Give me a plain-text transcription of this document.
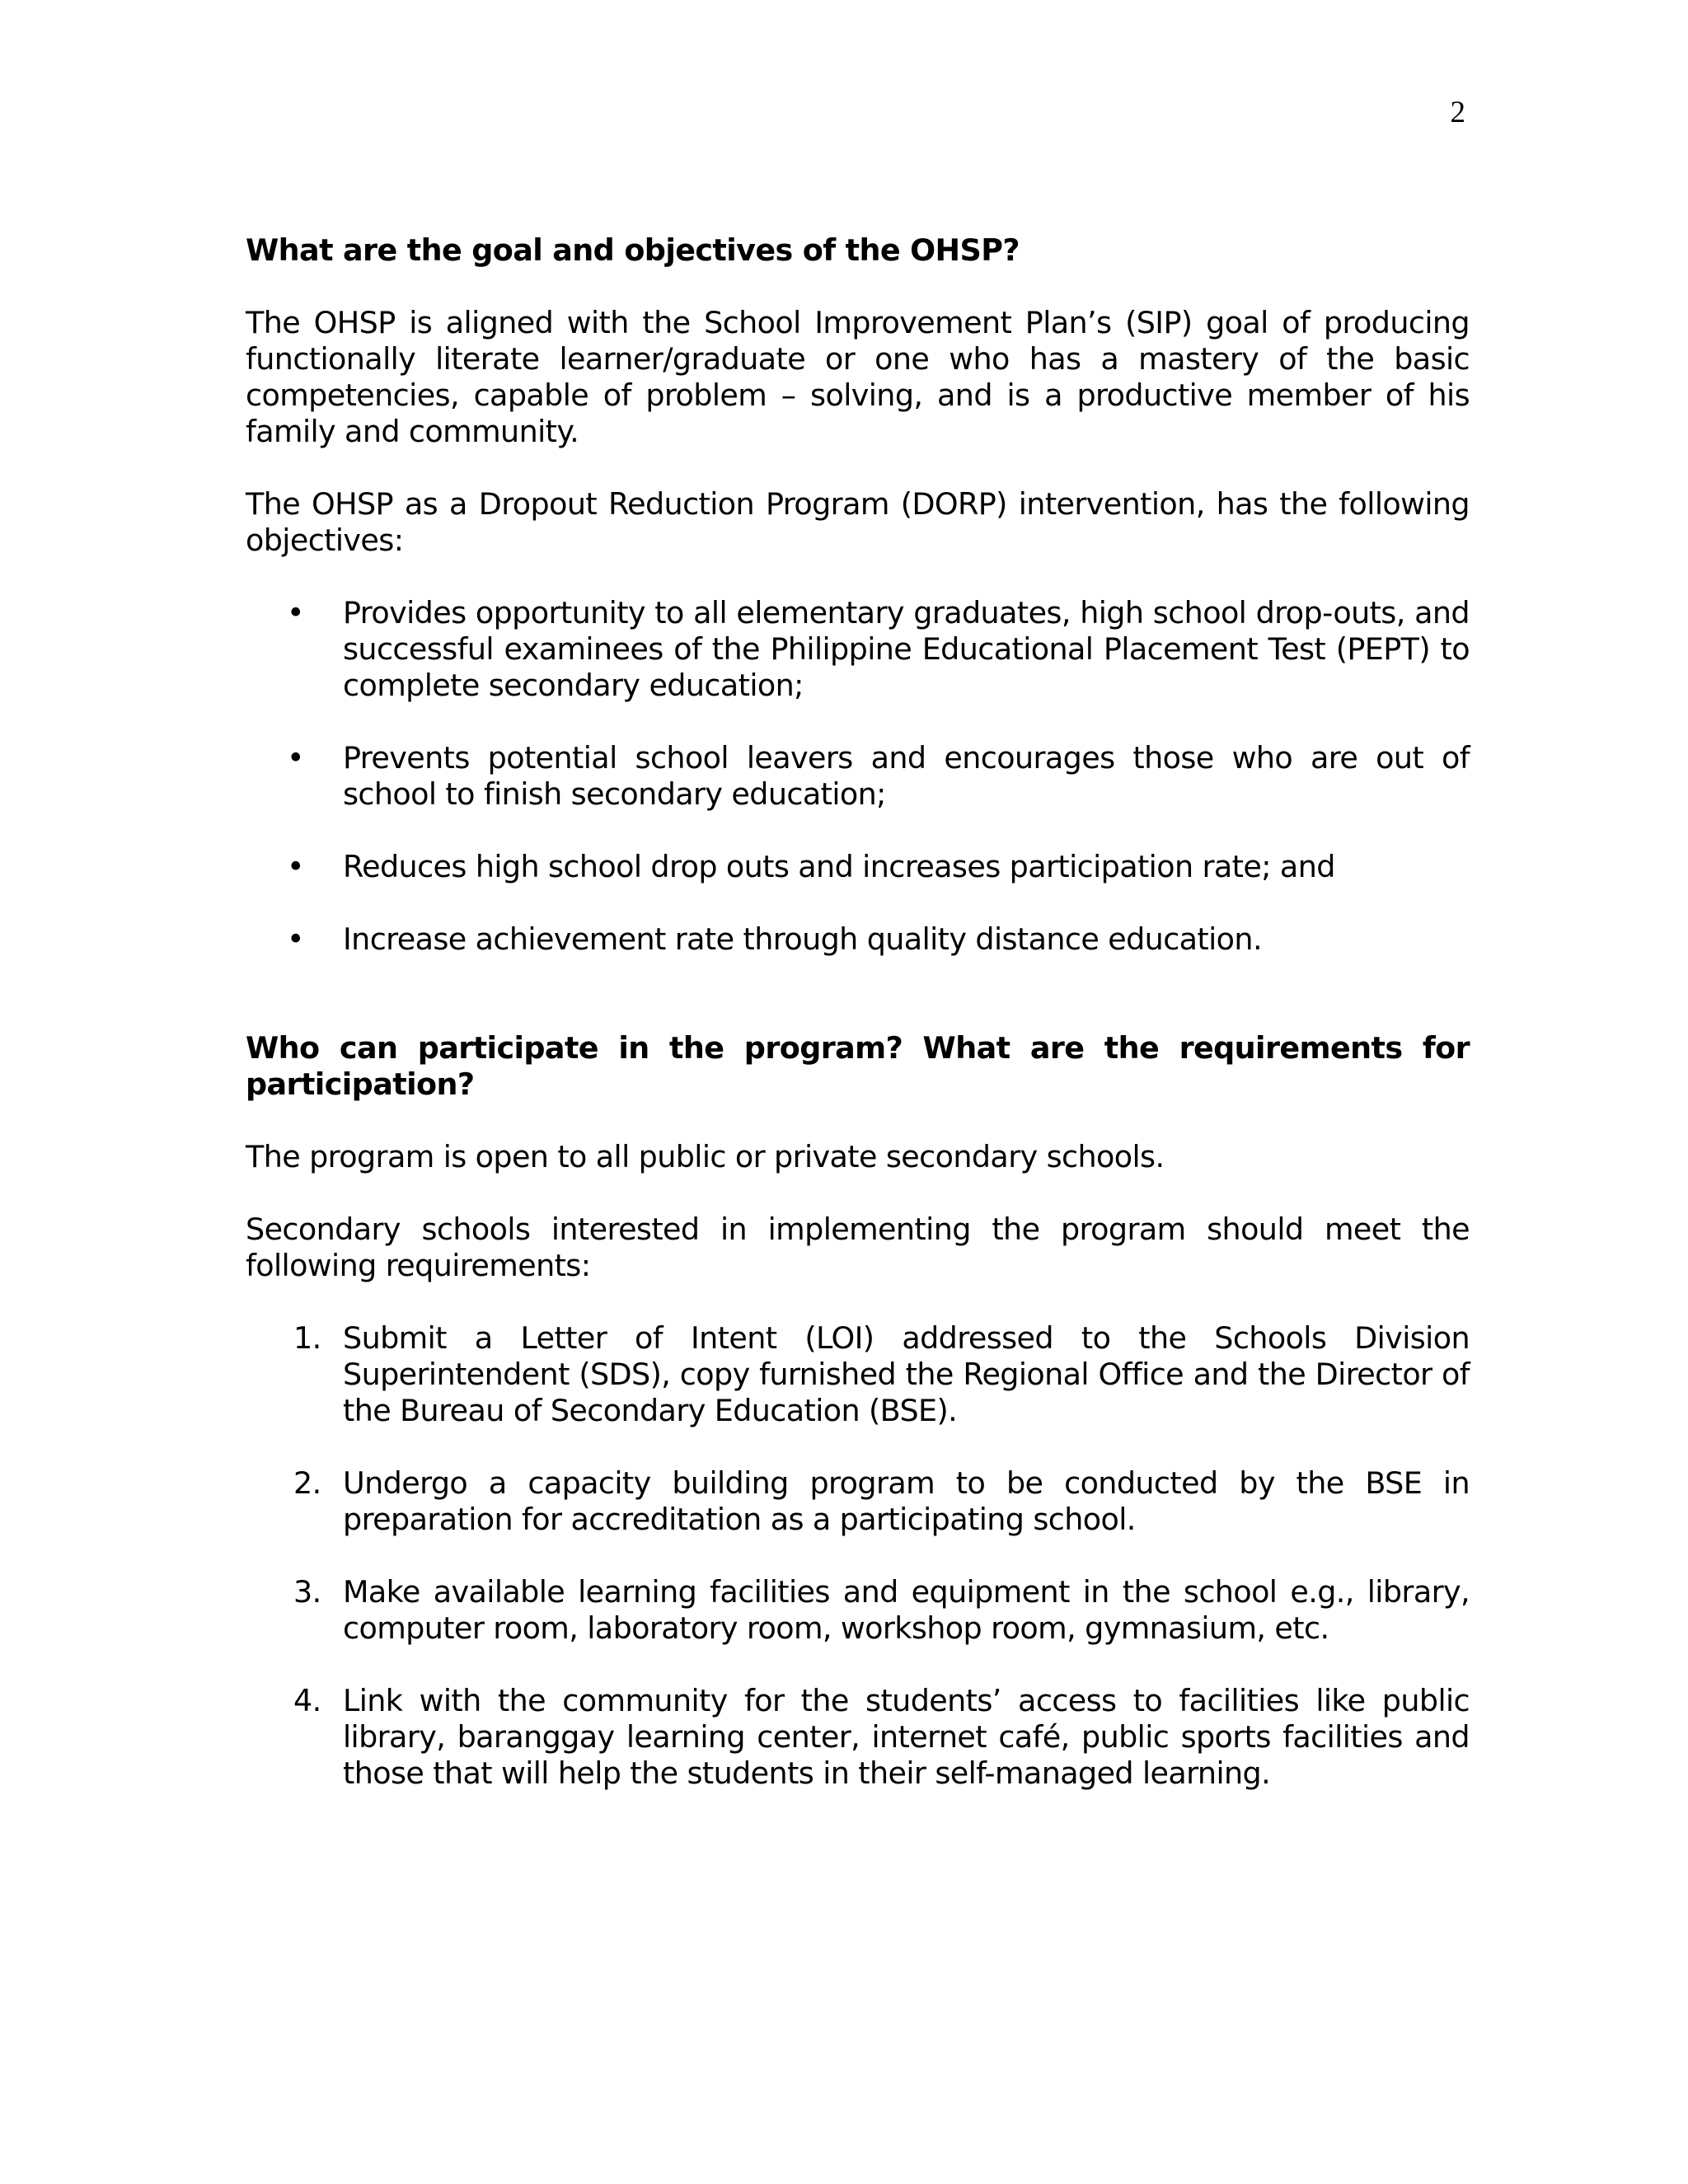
2

What are the goal and objectives of the OHSP?

The OHSP is aligned with the School Improvement Plan’s (SIP) goal of producing functionally literate learner/graduate or one who has a mastery of the basic competencies, capable of problem – solving, and is a productive member of his family and community.

The OHSP as a Dropout Reduction Program (DORP) intervention, has the following objectives:

•	Provides opportunity to all elementary graduates, high school drop-outs, and successful examinees of the Philippine Educational Placement Test (PEPT) to complete secondary education;
•	Prevents potential school leavers and encourages those who are out of school to finish secondary education;
•	Reduces high school drop outs and increases participation rate; and
•	Increase achievement rate through quality distance education.

Who can participate in the program? What are the requirements for participation?

The program is open to all public or private secondary schools.

Secondary schools interested in implementing the program should meet the following requirements:

1. Submit a Letter of Intent (LOI) addressed to the Schools Division Superintendent (SDS), copy furnished the Regional Office and the Director of the Bureau of Secondary Education (BSE).
2. Undergo a capacity building program to be conducted by the BSE in preparation for accreditation as a participating school.
3. Make available learning facilities and equipment in the school e.g., library, computer room, laboratory room, workshop room, gymnasium, etc.
4. Link with the community for the students’ access to facilities like public library, baranggay learning center, internet café, public sports facilities and those that will help the students in their self-managed learning.
